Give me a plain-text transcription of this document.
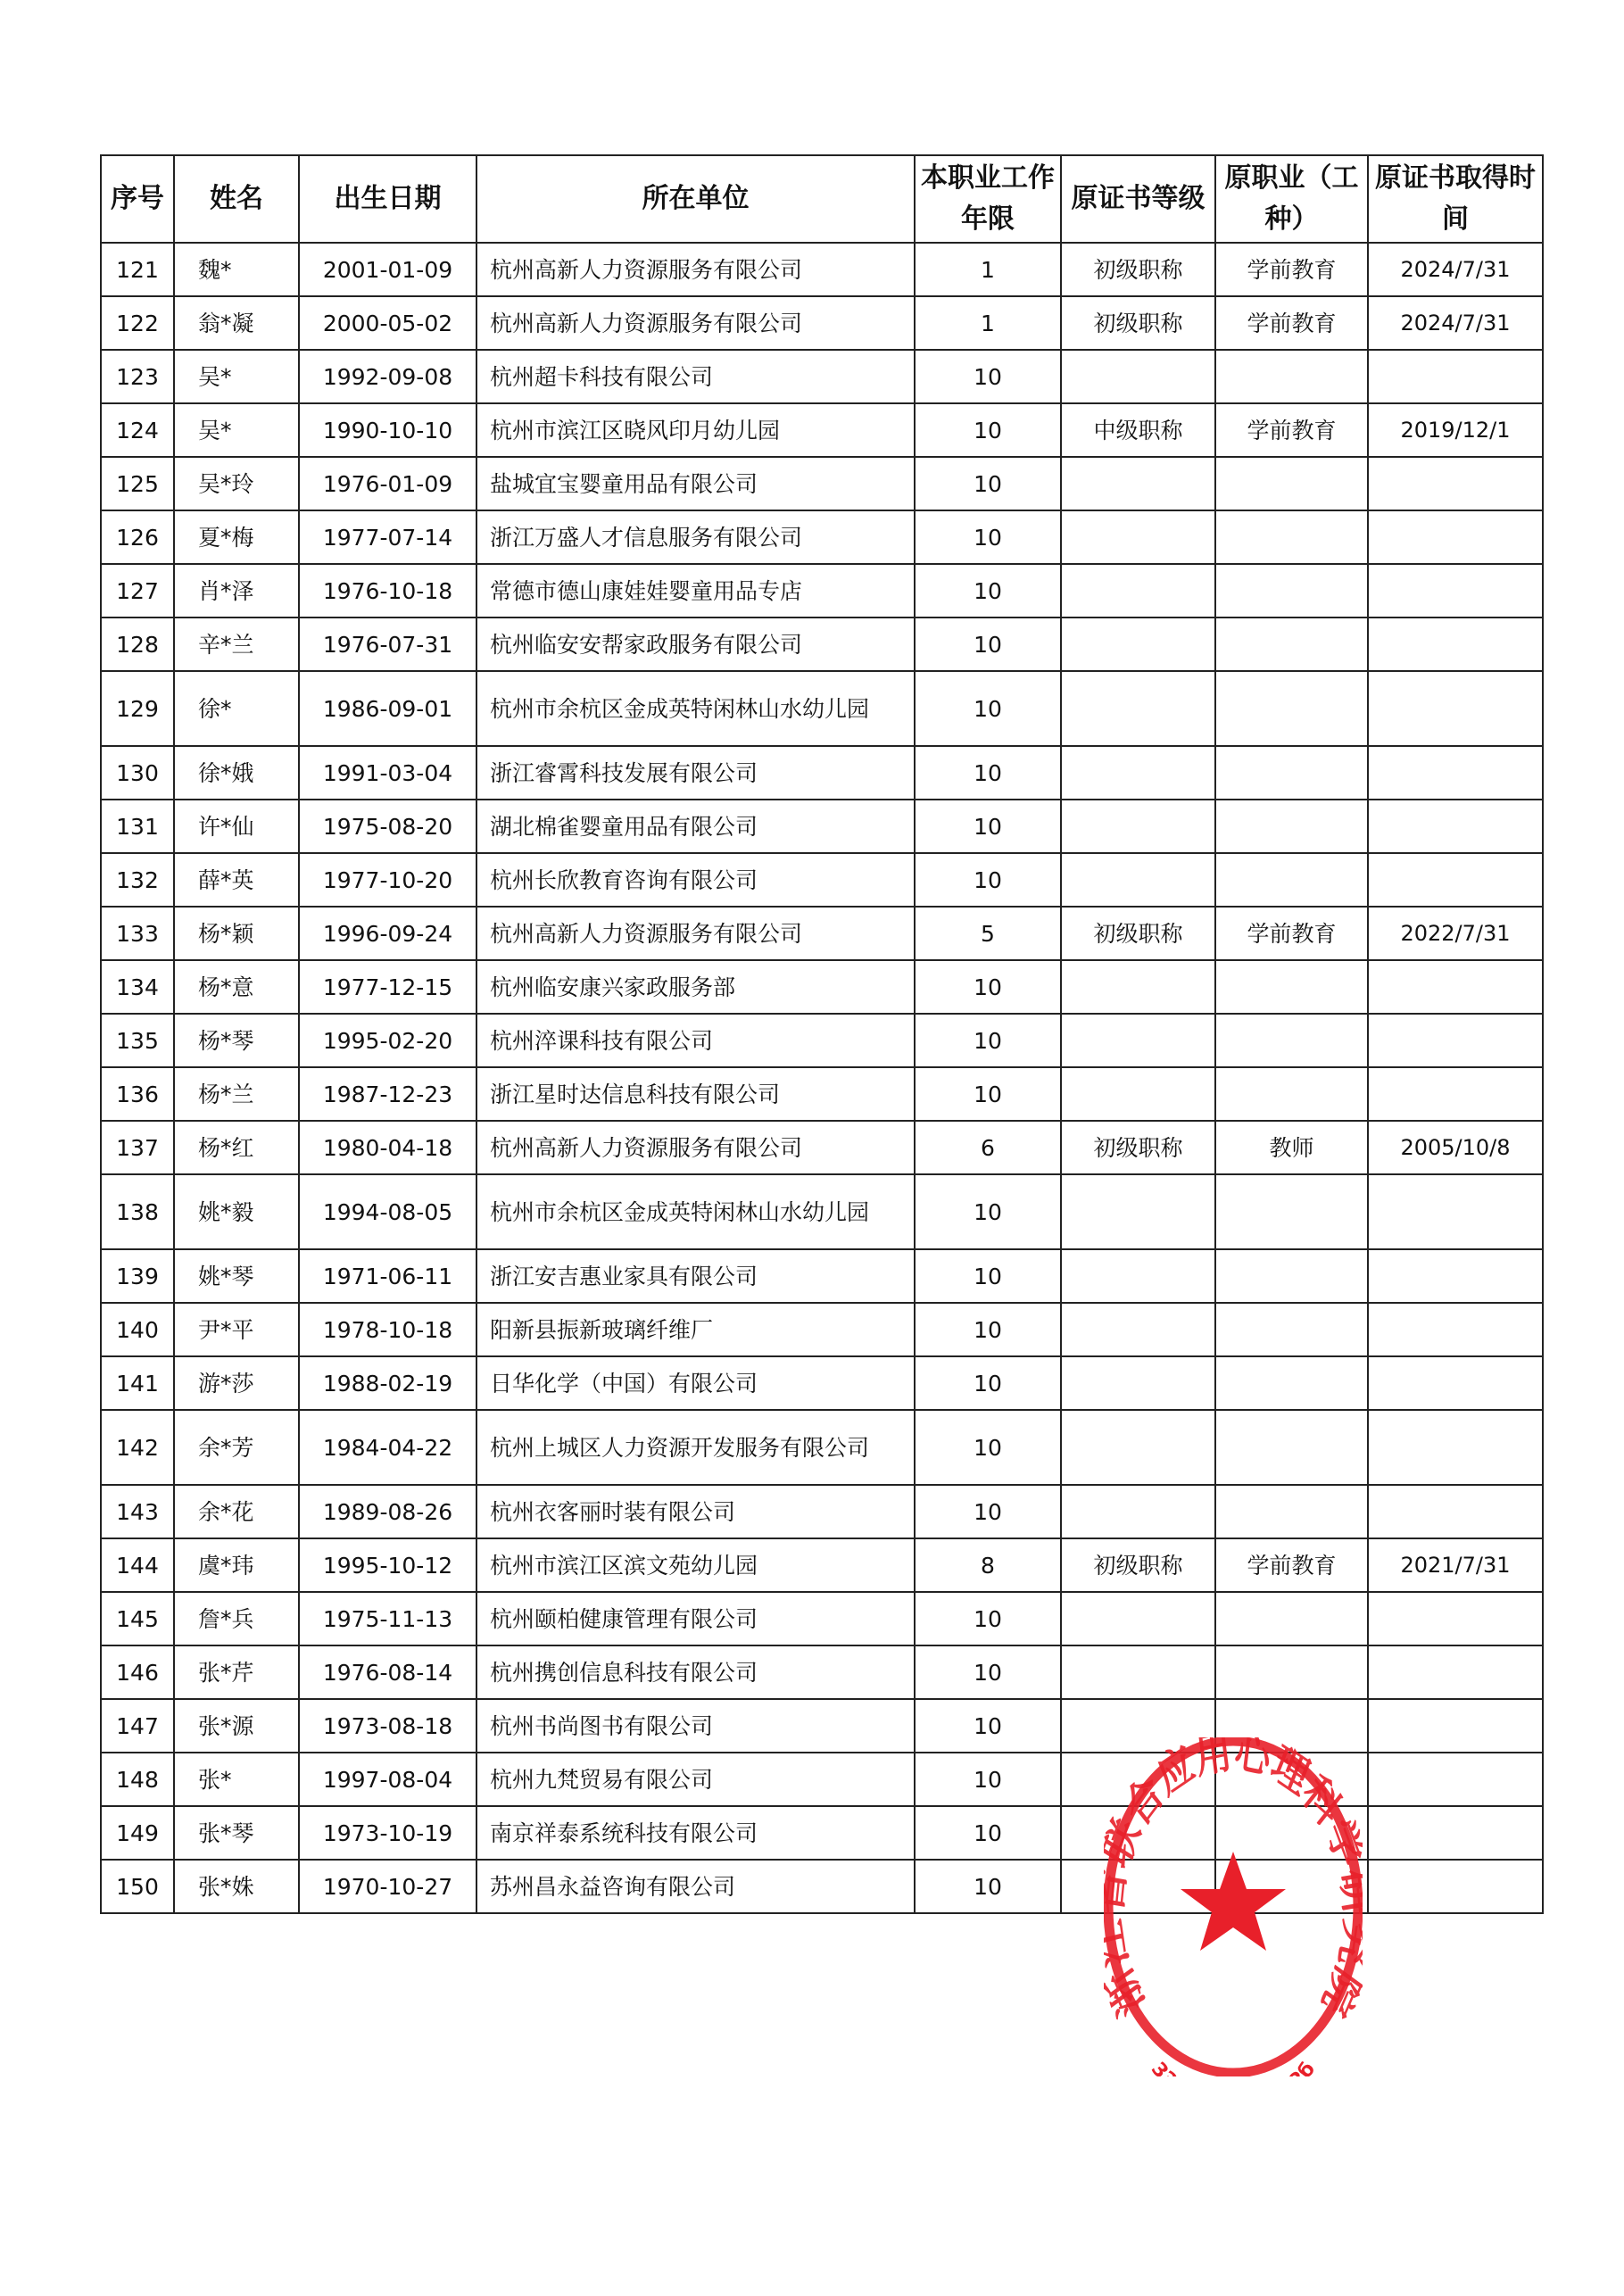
序号	姓名	出生日期	所在单位	本职业工作年限	原证书等级	原职业（工种）	原证书取得时间
121	魏*	2001-01-09	杭州高新人力资源服务有限公司	1	初级职称	学前教育	2024/7/31
122	翁*凝	2000-05-02	杭州高新人力资源服务有限公司	1	初级职称	学前教育	2024/7/31
123	吴*	1992-09-08	杭州超卡科技有限公司	10			
124	吴*	1990-10-10	杭州市滨江区晓风印月幼儿园	10	中级职称	学前教育	2019/12/1
125	吴*玲	1976-01-09	盐城宜宝婴童用品有限公司	10			
126	夏*梅	1977-07-14	浙江万盛人才信息服务有限公司	10			
127	肖*泽	1976-10-18	常德市德山康娃娃婴童用品专店	10			
128	辛*兰	1976-07-31	杭州临安安帮家政服务有限公司	10			
129	徐*	1986-09-01	杭州市余杭区金成英特闲林山水幼儿园	10			
130	徐*娥	1991-03-04	浙江睿霄科技发展有限公司	10			
131	许*仙	1975-08-20	湖北棉雀婴童用品有限公司	10			
132	薛*英	1977-10-20	杭州长欣教育咨询有限公司	10			
133	杨*颖	1996-09-24	杭州高新人力资源服务有限公司	5	初级职称	学前教育	2022/7/31
134	杨*意	1977-12-15	杭州临安康兴家政服务部	10			
135	杨*琴	1995-02-20	杭州淬课科技有限公司	10			
136	杨*兰	1987-12-23	浙江星时达信息科技有限公司	10			
137	杨*红	1980-04-18	杭州高新人力资源服务有限公司	6	初级职称	教师	2005/10/8
138	姚*毅	1994-08-05	杭州市余杭区金成英特闲林山水幼儿园	10			
139	姚*琴	1971-06-11	浙江安吉惠业家具有限公司	10			
140	尹*平	1978-10-18	阳新县振新玻璃纤维厂	10			
141	游*莎	1988-02-19	日华化学（中国）有限公司	10			
142	余*芳	1984-04-22	杭州上城区人力资源开发服务有限公司	10			
143	余*花	1989-08-26	杭州衣客丽时装有限公司	10			
144	虞*玮	1995-10-12	杭州市滨江区滨文苑幼儿园	8	初级职称	学前教育	2021/7/31
145	詹*兵	1975-11-13	杭州颐柏健康管理有限公司	10			
146	张*芹	1976-08-14	杭州携创信息科技有限公司	10			
147	张*源	1973-08-18	杭州书尚图书有限公司	10			
148	张*	1997-08-04	杭州九梵贸易有限公司	10			
149	张*琴	1973-10-19	南京祥泰系统科技有限公司	10			
150	张*姝	1970-10-27	苏州昌永益咨询有限公司	10			
合应用心理科
3 б
